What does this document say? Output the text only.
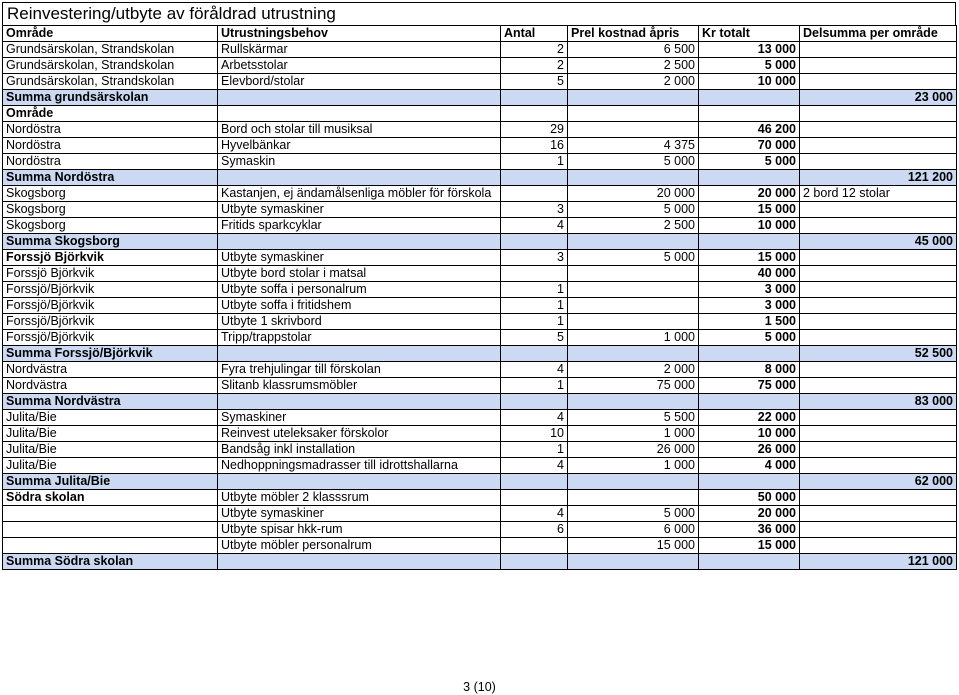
Reinvestering/utbyte av föråldrad utrustning
Område	Utrustningsbehov	Antal	Prel kostnad åpris	Kr totalt	Delsumma per område
Grundsärskolan, Strandskolan	Rullskärmar	2	6 500	13 000	
Grundsärskolan, Strandskolan	Arbetsstolar	2	2 500	5 000	
Grundsärskolan, Strandskolan	Elevbord/stolar	5	2 000	10 000	
Summa grundsärskolan					23 000
Område					
Nordöstra	Bord och stolar till musiksal	29		46 200	
Nordöstra	Hyvelbänkar	16	4 375	70 000	
Nordöstra	Symaskin	1	5 000	5 000	
Summa Nordöstra					121 200
Skogsborg	Kastanjen, ej ändamålsenliga möbler för förskola		20 000	20 000	2 bord 12 stolar
Skogsborg	Utbyte symaskiner	3	5 000	15 000	
Skogsborg	Fritids sparkcyklar	4	2 500	10 000	
Summa Skogsborg					45 000
Forssjö Björkvik	Utbyte symaskiner	3	5 000	15 000	
Forssjö Björkvik	Utbyte bord stolar i matsal			40 000	
Forssjö/Björkvik	Utbyte soffa i personalrum	1		3 000	
Forssjö/Björkvik	Utbyte soffa i fritidshem	1		3 000	
Forssjö/Björkvik	Utbyte 1 skrivbord	1		1 500	
Forssjö/Björkvik	Tripp/trappstolar	5	1 000	5 000	
Summa Forssjö/Björkvik					52 500
Nordvästra	Fyra trehjulingar till förskolan	4	2 000	8 000	
Nordvästra	Slitanb klassrumsmöbler	1	75 000	75 000	
Summa Nordvästra					83 000
Julita/Bie	Symaskiner	4	5 500	22 000	
Julita/Bie	Reinvest uteleksaker förskolor	10	1 000	10 000	
Julita/Bie	Bandsåg inkl installation	1	26 000	26 000	
Julita/Bie	Nedhoppningsmadrasser till idrottshallarna	4	1 000	4 000	
Summa Julita/Bie					62 000
Södra skolan	Utbyte möbler 2 klasssrum			50 000	
	Utbyte symaskiner	4	5 000	20 000	
	Utbyte spisar hkk-rum	6	6 000	36 000	
	Utbyte möbler personalrum		15 000	15 000	
Summa Södra skolan					121 000
3 (10)
